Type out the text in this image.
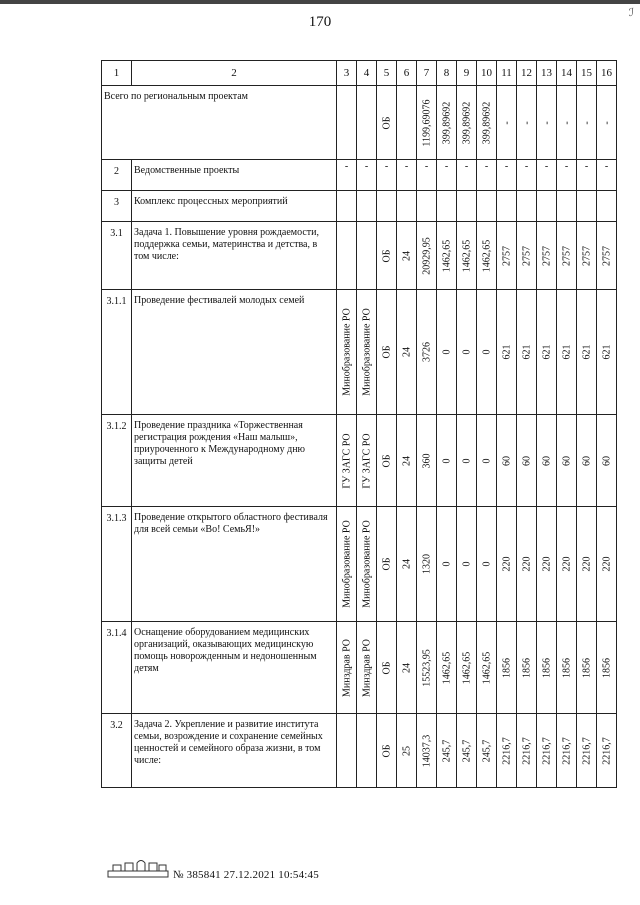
ℐ
170
1	2	3	4	5	6	7	8	9	10	11	12	13	14	15	16
Всего по региональным проектам				ОБ		1199,69076	399,89692	399,89692	399,89692	-	-	-	-	-	-

2	Ведомственные проекты	-	-	-	-	-	-	-	-	-	-	-	-	-	-
3	Комплекс процессных мероприятий														
3.1	Задача 1. Повышение уровня рождаемости, поддержка семьи, материнства и детства, в том числе:			ОБ	24	20929,95	1462,65	1462,65	1462,65	2757	2757	2757	2757	2757	2757

3.1.1	Проведение фестивалей молодых семей	Минобразование РО	Минобразование РО	ОБ	24	3726	0	0	0	621	621	621	621	621	621

3.1.2	Проведение праздника «Торжественная регистрация рождения «Наш малыш», приуроченного к Международному дню защиты детей	ГУ ЗАГС РО	ГУ ЗАГС РО	ОБ	24	360	0	0	0	60	60	60	60	60	60

3.1.3	Проведение открытого областного фестиваля для всей семьи «Во! СемьЯ!»	Минобразование РО	Минобразование РО	ОБ	24	1320	0	0	0	220	220	220	220	220	220

3.1.4	Оснащение оборудованием медицинских организаций, оказывающих медицинскую помощь новорожденным и недоношенным детям	Минздрав РО	Минздрав РО	ОБ	24	15523,95	1462,65	1462,65	1462,65	1856	1856	1856	1856	1856	1856

3.2	Задача 2. Укрепление и развитие института семьи, возрождение и сохранение семейных ценностей и семейного образа жизни, в том числе:			ОБ	25	14037,3	245,7	245,7	245,7	2216,7	2216,7	2216,7	2216,7	2216,7	2216,7
№ 385841 27.12.2021 10:54:45
